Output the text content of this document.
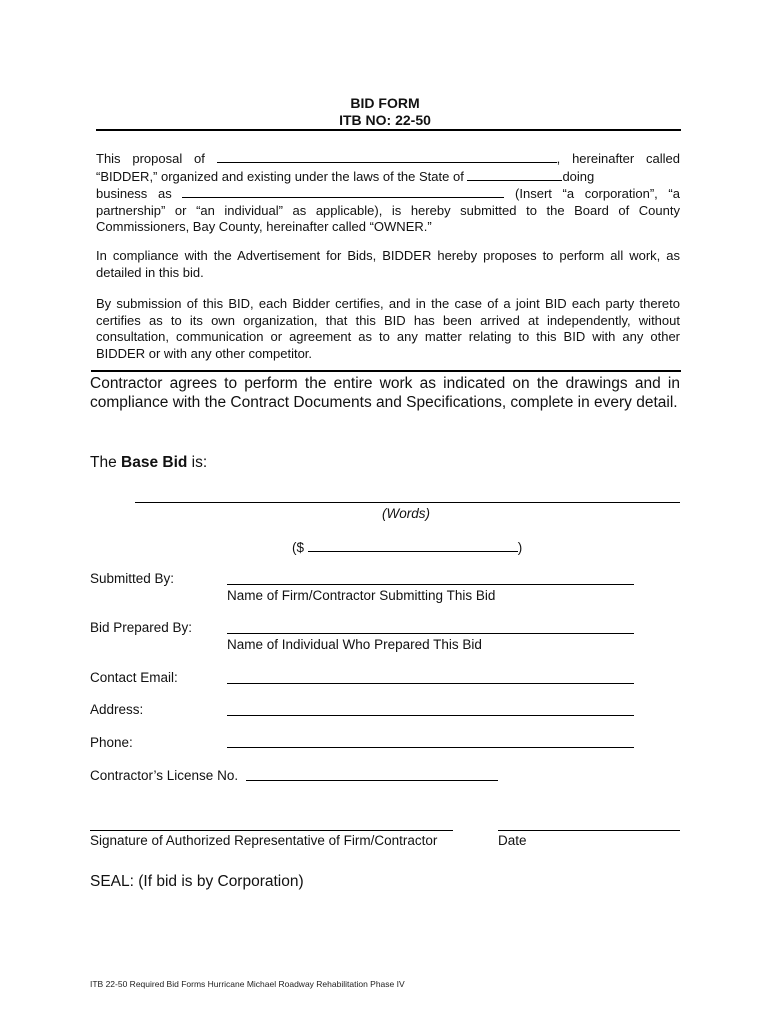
BID FORM
ITB NO: 22-50
This proposal of	, hereinafter called
“BIDDER,” organized and existing under the laws of the State of	doing
business as	(Insert “a corporation”, “a
partnership” or “an individual” as applicable), is hereby submitted to the Board of County
Commissioners, Bay County, hereinafter called “OWNER.”
In compliance with the Advertisement for Bids, BIDDER hereby proposes to perform all work, as detailed in this bid.
By submission of this BID, each Bidder certifies, and in the case of a joint BID each party thereto certifies as to its own organization, that this BID has been arrived at independently, without consultation, communication or agreement as to any matter relating to this BID with any other BIDDER or with any other competitor.
Contractor agrees to perform the entire work as indicated on the drawings and in compliance with the Contract Documents and Specifications, complete in every detail.
The Base Bid is:
(Words)
($	)
Submitted By:
Name of Firm/Contractor Submitting This Bid
Bid Prepared By:
Name of Individual Who Prepared This Bid
Contact Email:
Address:
Phone:
Contractor’s License No.
Signature of Authorized Representative of Firm/Contractor	Date
SEAL: (If bid is by Corporation)
ITB 22-50 Required Bid Forms Hurricane Michael Roadway Rehabilitation Phase IV
